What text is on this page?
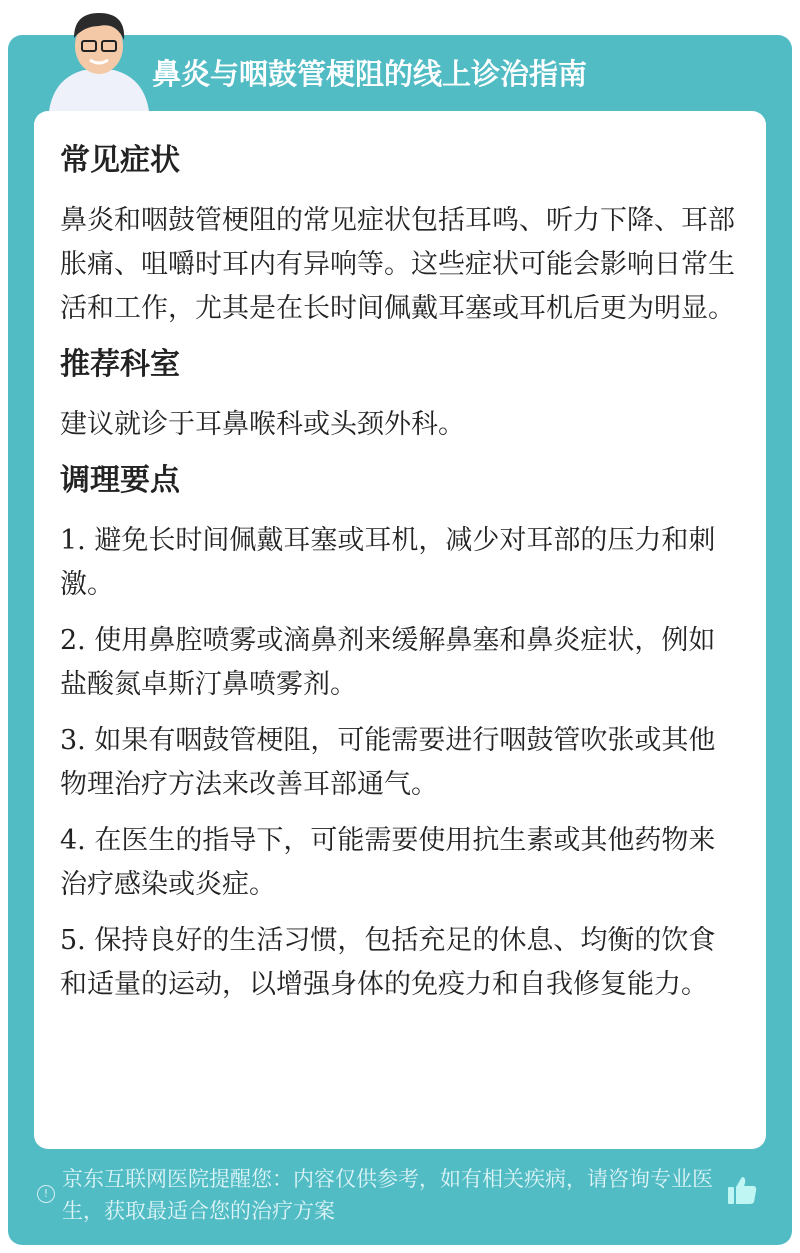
鼻炎与咽鼓管梗阻的线上诊治指南
常见症状

鼻炎和咽鼓管梗阻的常见症状包括耳鸣、听力下降、耳部胀痛、咀嚼时耳内有异响等。这些症状可能会影响日常生活和工作，尤其是在长时间佩戴耳塞或耳机后更为明显。

推荐科室

建议就诊于耳鼻喉科或头颈外科。

调理要点

1. 避免长时间佩戴耳塞或耳机，减少对耳部的压力和刺激。

2. 使用鼻腔喷雾或滴鼻剂来缓解鼻塞和鼻炎症状，例如盐酸氮卓斯汀鼻喷雾剂。

3. 如果有咽鼓管梗阻，可能需要进行咽鼓管吹张或其他物理治疗方法来改善耳部通气。

4. 在医生的指导下，可能需要使用抗生素或其他药物来治疗感染或炎症。

5. 保持良好的生活习惯，包括充足的休息、均衡的饮食和适量的运动，以增强身体的免疫力和自我修复能力。

!
京东互联网医院提醒您：内容仅供参考，如有相关疾病，请咨询专业医生，获取最适合您的治疗方案
